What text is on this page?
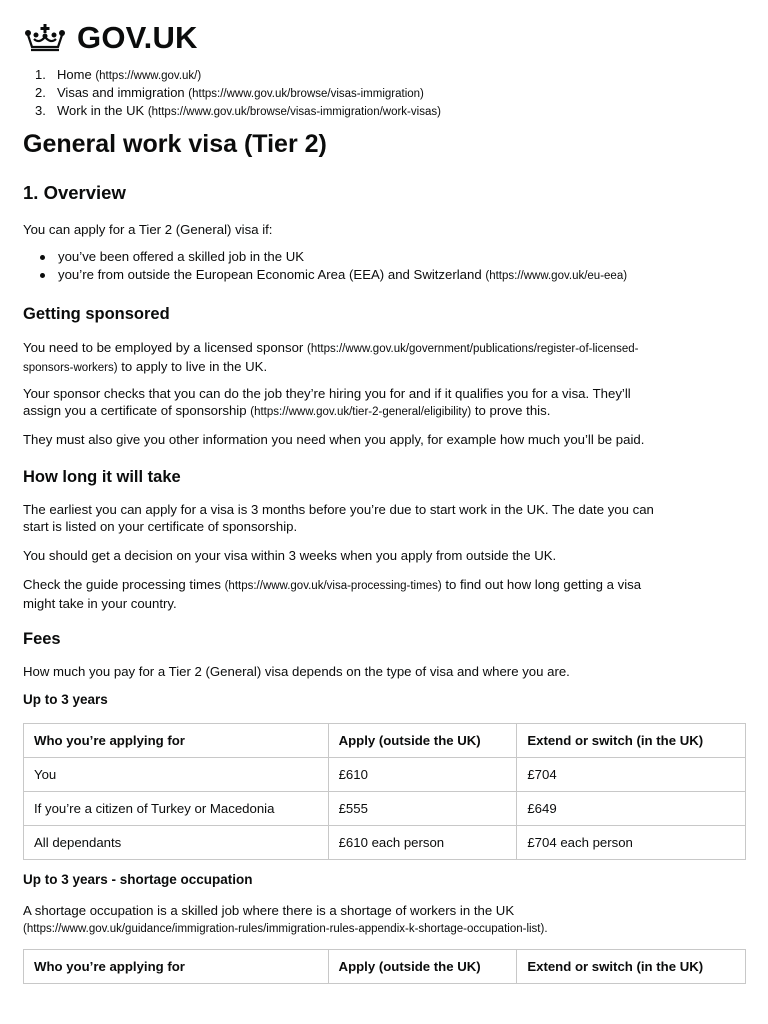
GOV.UK
1. Home (https://www.gov.uk/)
2. Visas and immigration (https://www.gov.uk/browse/visas-immigration)
3. Work in the UK (https://www.gov.uk/browse/visas-immigration/work-visas)
General work visa (Tier 2)
1. Overview

You can apply for a Tier 2 (General) visa if:

you’ve been offered a skilled job in the UK
you’re from outside the European Economic Area (EEA) and Switzerland (https://www.gov.uk/eu-eea)
Getting sponsored

You need to be employed by a licensed sponsor (https://www.gov.uk/government/publications/register-of-licensed-
sponsors-workers) to apply to live in the UK.

Your sponsor checks that you can do the job they’re hiring you for and if it qualifies you for a visa. They’ll
assign you a certificate of sponsorship (https://www.gov.uk/tier-2-general/eligibility) to prove this.

They must also give you other information you need when you apply, for example how much you’ll be paid.

How long it will take

The earliest you can apply for a visa is 3 months before you’re due to start work in the UK. The date you can
start is listed on your certificate of sponsorship.

You should get a decision on your visa within 3 weeks when you apply from outside the UK.

Check the guide processing times (https://www.gov.uk/visa-processing-times) to find out how long getting a visa
might take in your country.

Fees

How much you pay for a Tier 2 (General) visa depends on the type of visa and where you are.

Up to 3 years
Who you’re applying for	Apply (outside the UK)	Extend or switch (in the UK)
You	£610	£704
If you’re a citizen of Turkey or Macedonia	£555	£649
All dependants	£610 each person	£704 each person
Up to 3 years - shortage occupation

A shortage occupation is a skilled job where there is a shortage of workers in the UK
(https://www.gov.uk/guidance/immigration-rules/immigration-rules-appendix-k-shortage-occupation-list).

Who you’re applying for	Apply (outside the UK)	Extend or switch (in the UK)
